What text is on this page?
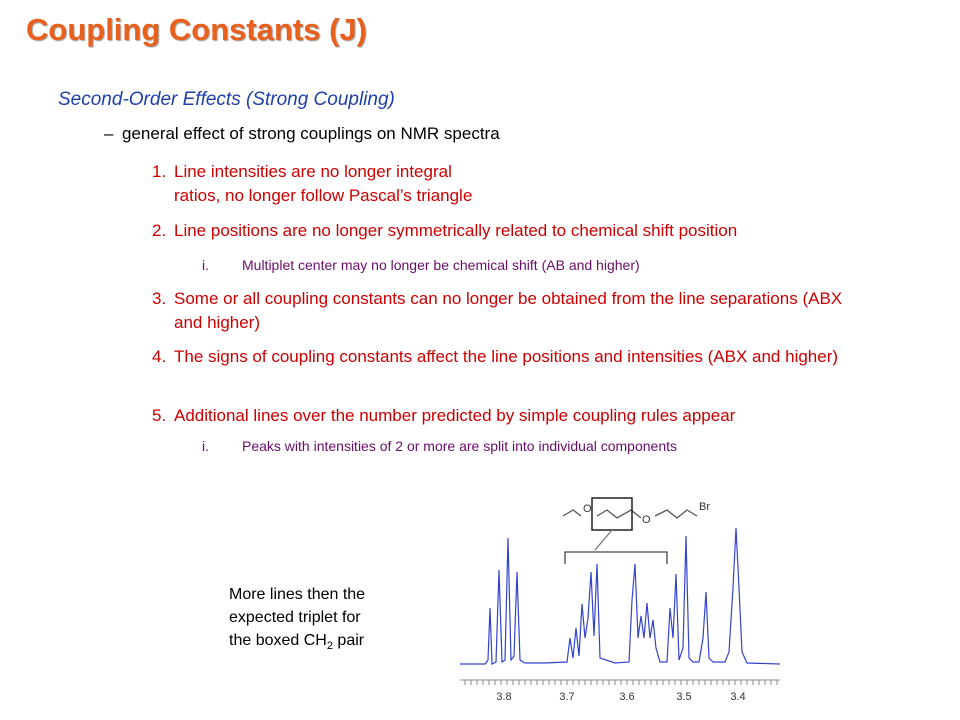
Coupling Constants (J)
Second-Order Effects (Strong Coupling)
– general effect of strong couplings on NMR spectra
1. Line intensities are no longer integral ratios, no longer follow Pascal’s triangle
2. Line positions are no longer symmetrically related to chemical shift position
i. Multiplet center may no longer be chemical shift (AB and higher)
3. Some or all coupling constants can no longer be obtained from the line separations (ABX and higher)
4. The signs of coupling constants affect the line positions and intensities (ABX and higher)
5. Additional lines over the number predicted by simple coupling rules appear
i. Peaks with intensities of 2 or more are split into individual components
More lines then the
expected triplet for
the boxed $CH_2$ pair
O
O
Br
3.8	3.7	3.6	3.5	3.4
